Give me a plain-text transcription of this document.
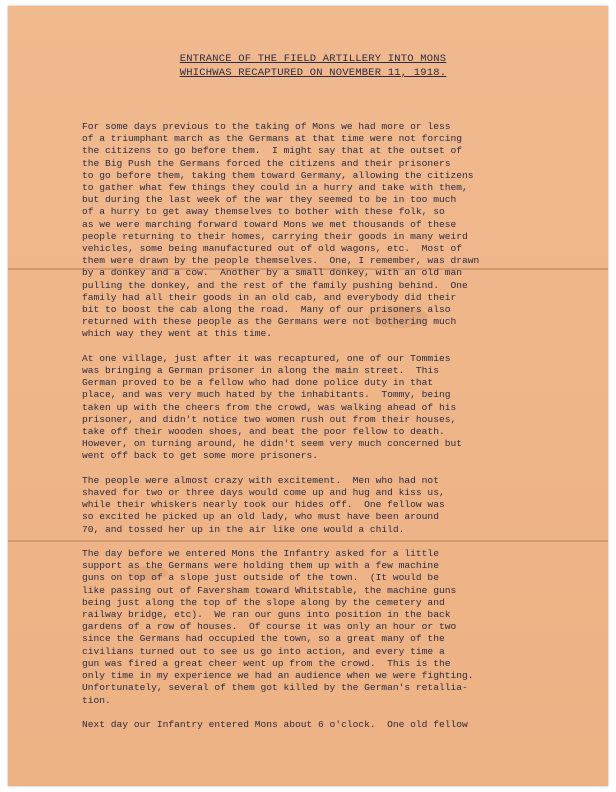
ENTRANCE OF THE FIELD ARTILLERY INTO MONS
WHICHWAS RECAPTURED ON NOVEMBER 11, 1918.
For some days previous to the taking of Mons we had more or less
of a triumphant march as the Germans at that time were not forcing
the citizens to go before them.  I might say that at the outset of
the Big Push the Germans forced the citizens and their prisoners
to go before them, taking them toward Germany, allowing the citizens
to gather what few things they could in a hurry and take with them,
but during the last week of the war they seemed to be in too much
of a hurry to get away themselves to bother with these folk, so
as we were marching forward toward Mons we met thousands of these
people returning to their homes, carrying their goods in many weird
vehicles, some being manufactured out of old wagons, etc.  Most of
them were drawn by the people themselves.  One, I remember, was drawn
by a donkey and a cow.  Another by a small donkey, with an old man
pulling the donkey, and the rest of the family pushing behind.  One
family had all their goods in an old cab, and everybody did their
bit to boost the cab along the road.  Many of our prisoners also
returned with these people as the Germans were not bothering much
which way they went at this time.
At one village, just after it was recaptured, one of our Tommies
was bringing a German prisoner in along the main street.  This
German proved to be a fellow who had done police duty in that
place, and was very much hated by the inhabitants.  Tommy, being
taken up with the cheers from the crowd, was walking ahead of his
prisoner, and didn't notice two women rush out from their houses,
take off their wooden shoes, and beat the poor fellow to death.
However, on turning around, he didn't seem very much concerned but
went off back to get some more prisoners.
The people were almost crazy with excitement.  Men who had not
shaved for two or three days would come up and hug and kiss us,
while their whiskers nearly took our hides off.  One fellow was
so excited he picked up an old lady, who must have been around
70, and tossed her up in the air like one would a child.
The day before we entered Mons the Infantry asked for a little
support as the Germans were holding them up with a few machine
guns on top of a slope just outside of the town.  (It would be
like passing out of Faversham toward Whitstable, the machine guns
being just along the top of the slope along by the cemetery and
railway bridge, etc).  We ran our guns into position in the back
gardens of a row of houses.  Of course it was only an hour or two
since the Germans had occupied the town, so a great many of the
civilians turned out to see us go into action, and every time a
gun was fired a great cheer went up from the crowd.  This is the
only time in my experience we had an audience when we were fighting.
Unfortunately, several of them got killed by the German's retallia-
tion.
Next day our Infantry entered Mons about 6 o'clock.  One old fellow
